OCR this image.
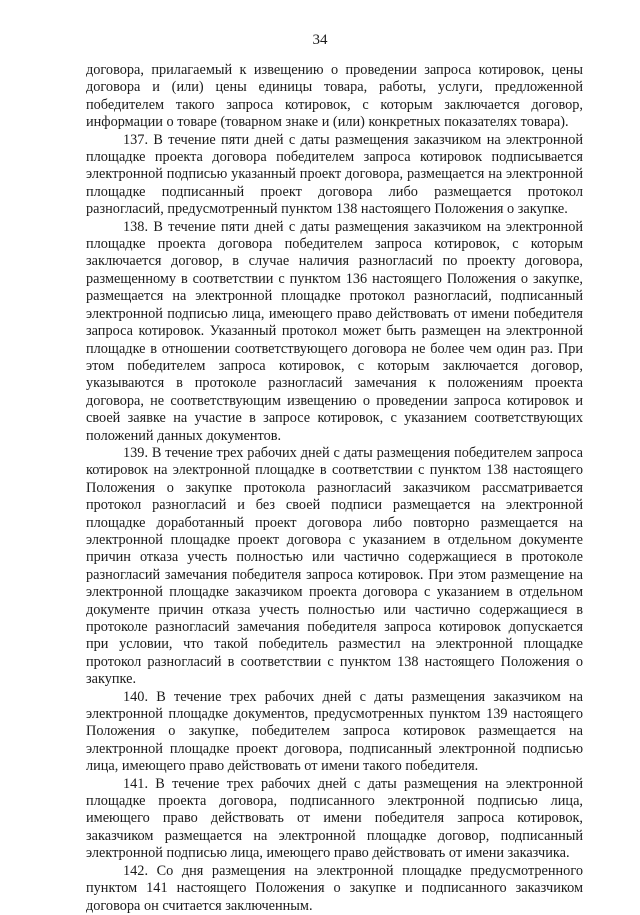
34

договора, прилагаемый к извещению о проведении запроса котировок, цены договора и (или) цены единицы товара, работы, услуги, предложенной победителем такого запроса котировок, с которым заключается договор, информации о товаре (товарном знаке и (или) конкретных показателях товара).

137. В течение пяти дней с даты размещения заказчиком на электронной площадке проекта договора победителем запроса котировок подписывается электронной подписью указанный проект договора, размещается на электронной площадке подписанный проект договора либо размещается протокол разногласий, предусмотренный пунктом 138 настоящего Положения о закупке.

138. В течение пяти дней с даты размещения заказчиком на электронной площадке проекта договора победителем запроса котировок, с которым заключается договор, в случае наличия разногласий по проекту договора, размещенному в соответствии с пунктом 136 настоящего Положения о закупке, размещается на электронной площадке протокол разногласий, подписанный электронной подписью лица, имеющего право действовать от имени победителя запроса котировок. Указанный протокол может быть размещен на электронной площадке в отношении соответствующего договора не более чем один раз. При этом победителем запроса котировок, с которым заключается договор, указываются в протоколе разногласий замечания к положениям проекта договора, не соответствующим извещению о проведении запроса котировок и своей заявке на участие в запросе котировок, с указанием соответствующих положений данных документов.

139. В течение трех рабочих дней с даты размещения победителем запроса котировок на электронной площадке в соответствии с пунктом 138 настоящего Положения о закупке протокола разногласий заказчиком рассматривается протокол разногласий и без своей подписи размещается на электронной площадке доработанный проект договора либо повторно размещается на электронной площадке проект договора с указанием в отдельном документе причин отказа учесть полностью или частично содержащиеся в протоколе разногласий замечания победителя запроса котировок. При этом размещение на электронной площадке заказчиком проекта договора с указанием в отдельном документе причин отказа учесть полностью или частично содержащиеся в протоколе разногласий замечания победителя запроса котировок допускается при условии, что такой победитель разместил на электронной площадке протокол разногласий в соответствии с пунктом 138 настоящего Положения о закупке.

140. В течение трех рабочих дней с даты размещения заказчиком на электронной площадке документов, предусмотренных пунктом 139 настоящего Положения о закупке, победителем запроса котировок размещается на электронной площадке проект договора, подписанный электронной подписью лица, имеющего право действовать от имени такого победителя.

141. В течение трех рабочих дней с даты размещения на электронной площадке проекта договора, подписанного электронной подписью лица, имеющего право действовать от имени победителя запроса котировок, заказчиком размещается на электронной площадке договор, подписанный электронной подписью лица, имеющего право действовать от имени заказчика.

142. Со дня размещения на электронной площадке предусмотренного пунктом 141 настоящего Положения о закупке и подписанного заказчиком договора он считается заключенным.
